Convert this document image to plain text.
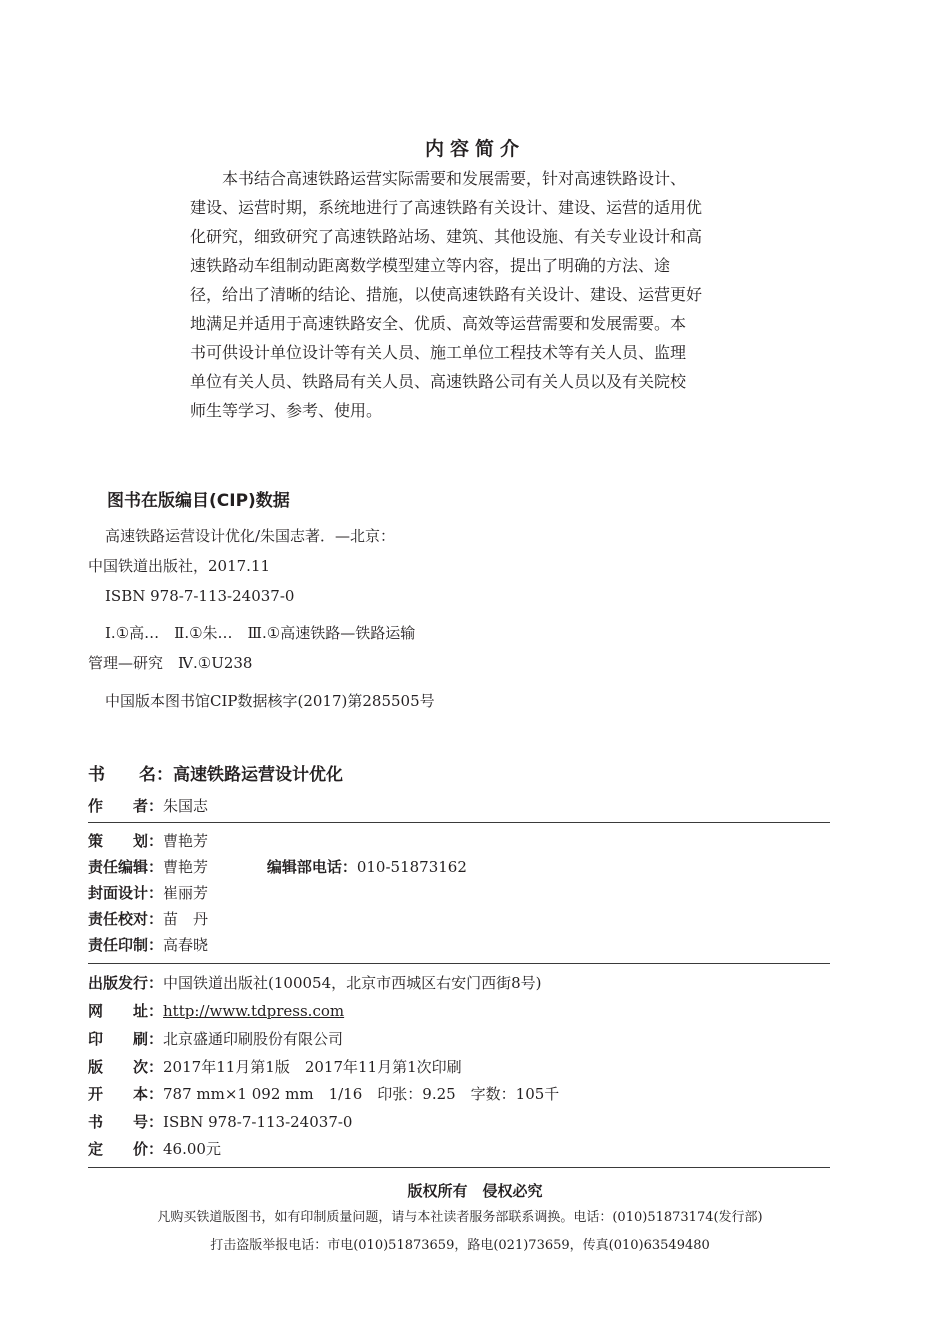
内容简介
本书结合高速铁路运营实际需要和发展需要，针对高速铁路设计、
建设、运营时期，系统地进行了高速铁路有关设计、建设、运营的适用优
化研究，细致研究了高速铁路站场、建筑、其他设施、有关专业设计和高
速铁路动车组制动距离数学模型建立等内容，提出了明确的方法、途
径，给出了清晰的结论、措施，以使高速铁路有关设计、建设、运营更好
地满足并适用于高速铁路安全、优质、高效等运营需要和发展需要。本
书可供设计单位设计等有关人员、施工单位工程技术等有关人员、监理
单位有关人员、铁路局有关人员、高速铁路公司有关人员以及有关院校
师生等学习、参考、使用。
图书在版编目(CIP)数据
高速铁路运营设计优化/朱国志著．—北京：
中国铁道出版社，2017.11
ISBN 978-7-113-24037-0
Ⅰ.①高…　Ⅱ.①朱…　Ⅲ.①高速铁路—铁路运输
管理—研究　Ⅳ.①U238
中国版本图书馆CIP数据核字(2017)第285505号
书　　名：高速铁路运营设计优化
作　　者：朱国志
策　　划：曹艳芳
责任编辑：曹艳芳	编辑部电话：010-51873162
封面设计：崔丽芳
责任校对：苗　丹
责任印制：高春晓
出版发行：中国铁道出版社(100054，北京市西城区右安门西街8号)
网　　址：http://www.tdpress.com
印　　刷：北京盛通印刷股份有限公司
版　　次：2017年11月第1版　2017年11月第1次印刷
开　　本：787 mm×1 092 mm　1/16　印张：9.25　字数：105千
书　　号：ISBN 978-7-113-24037-0
定　　价：46.00元
版权所有　侵权必究
凡购买铁道版图书，如有印制质量问题，请与本社读者服务部联系调换。电话：(010)51873174(发行部)
打击盗版举报电话：市电(010)51873659，路电(021)73659，传真(010)63549480
